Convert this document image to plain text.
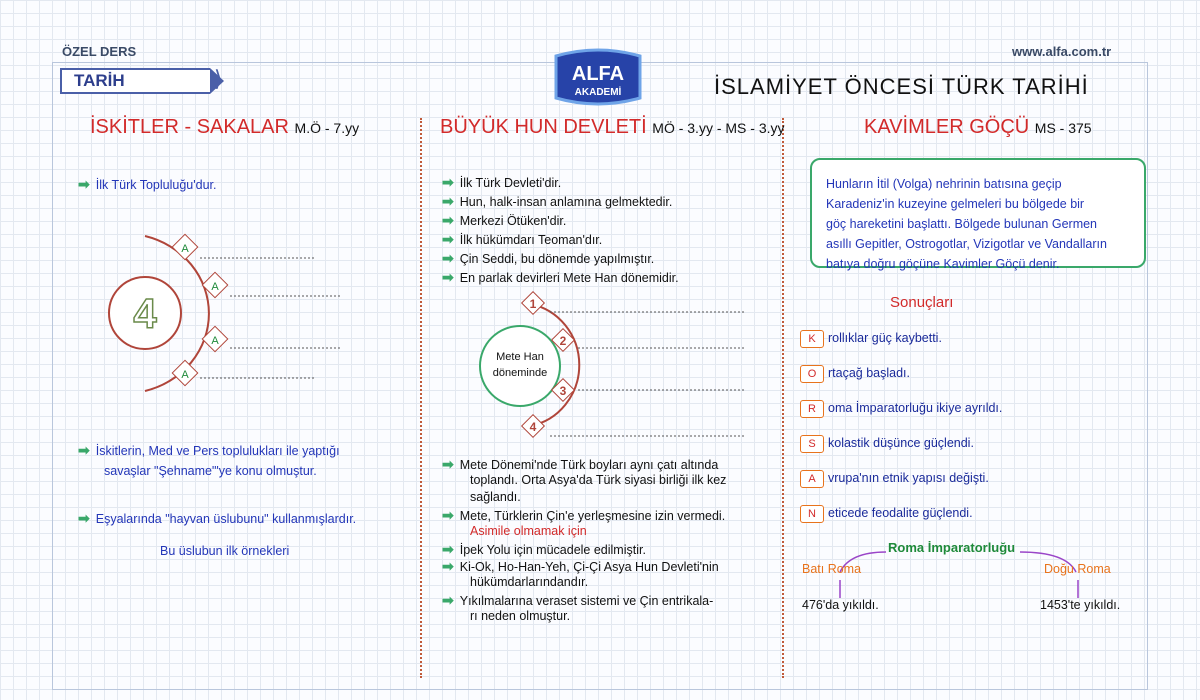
ÖZEL DERS	www.alfa.com.tr
TARİH	⟩	ALFA
AKADEMİ	İSLAMİYET ÖNCESİ TÜRK TARİHİ
İSKİTLER - SAKALAR M.Ö - 7.yy
➡ İlk Türk Topluluğu'dur.
4
A
A
A
A
➡ İskitlerin, Med ve Pers toplulukları ile yaptığı
savaşlar "Şehname"'ye konu olmuştur.
➡ Eşyalarında "hayvan üslubunu" kullanmışlardır.
Bu üslubun ilk örnekleri
BÜYÜK HUN DEVLETİ MÖ - 3.yy - MS - 3.yy
➡ İlk Türk Devleti'dir.
➡ Hun, halk-insan anlamına gelmektedir.
➡ Merkezi Ötüken'dir.
➡ İlk hükümdarı Teoman'dır.
➡ Çin Seddi, bu dönemde yapılmıştır.
➡ En parlak devirleri Mete Han dönemidir.
Mete Han
döneminde
1
2
3
4
➡ Mete Dönemi'nde Türk boyları aynı çatı altında
toplandı. Orta Asya'da Türk siyasi birliği ilk kez
sağlandı.
➡ Mete, Türklerin Çin'e yerleşmesine izin vermedi.
Asimile olmamak için
➡ İpek Yolu için mücadele edilmiştir.
➡ Ki-Ok, Ho-Han-Yeh, Çi-Çi Asya Hun Devleti'nin
hükümdarlarındandır.
➡ Yıkılmalarına veraset sistemi ve Çin entrikala-
rı neden olmuştur.
KAVİMLER GÖÇÜ MS - 375
Hunların İtil (Volga) nehrinin batısına geçip
Karadeniz'in kuzeyine gelmeleri bu bölgede bir
göç hareketini başlattı. Bölgede bulunan Germen
asıllı Gepitler, Ostrogotlar, Vizigotlar ve Vandalların
batıya doğru göçüne Kavimler Göçü denir.
Sonuçları
K rollıklar güç kaybetti.
O rtaçağ başladı.
R oma İmparatorluğu ikiye ayrıldı.
S kolastik düşünce güçlendi.
A vrupa'nın etnik yapısı değişti.
N eticede feodalite güçlendi.
Roma İmparatorluğu
Batı Roma	Doğu Roma
476'da yıkıldı.	1453'te yıkıldı.
